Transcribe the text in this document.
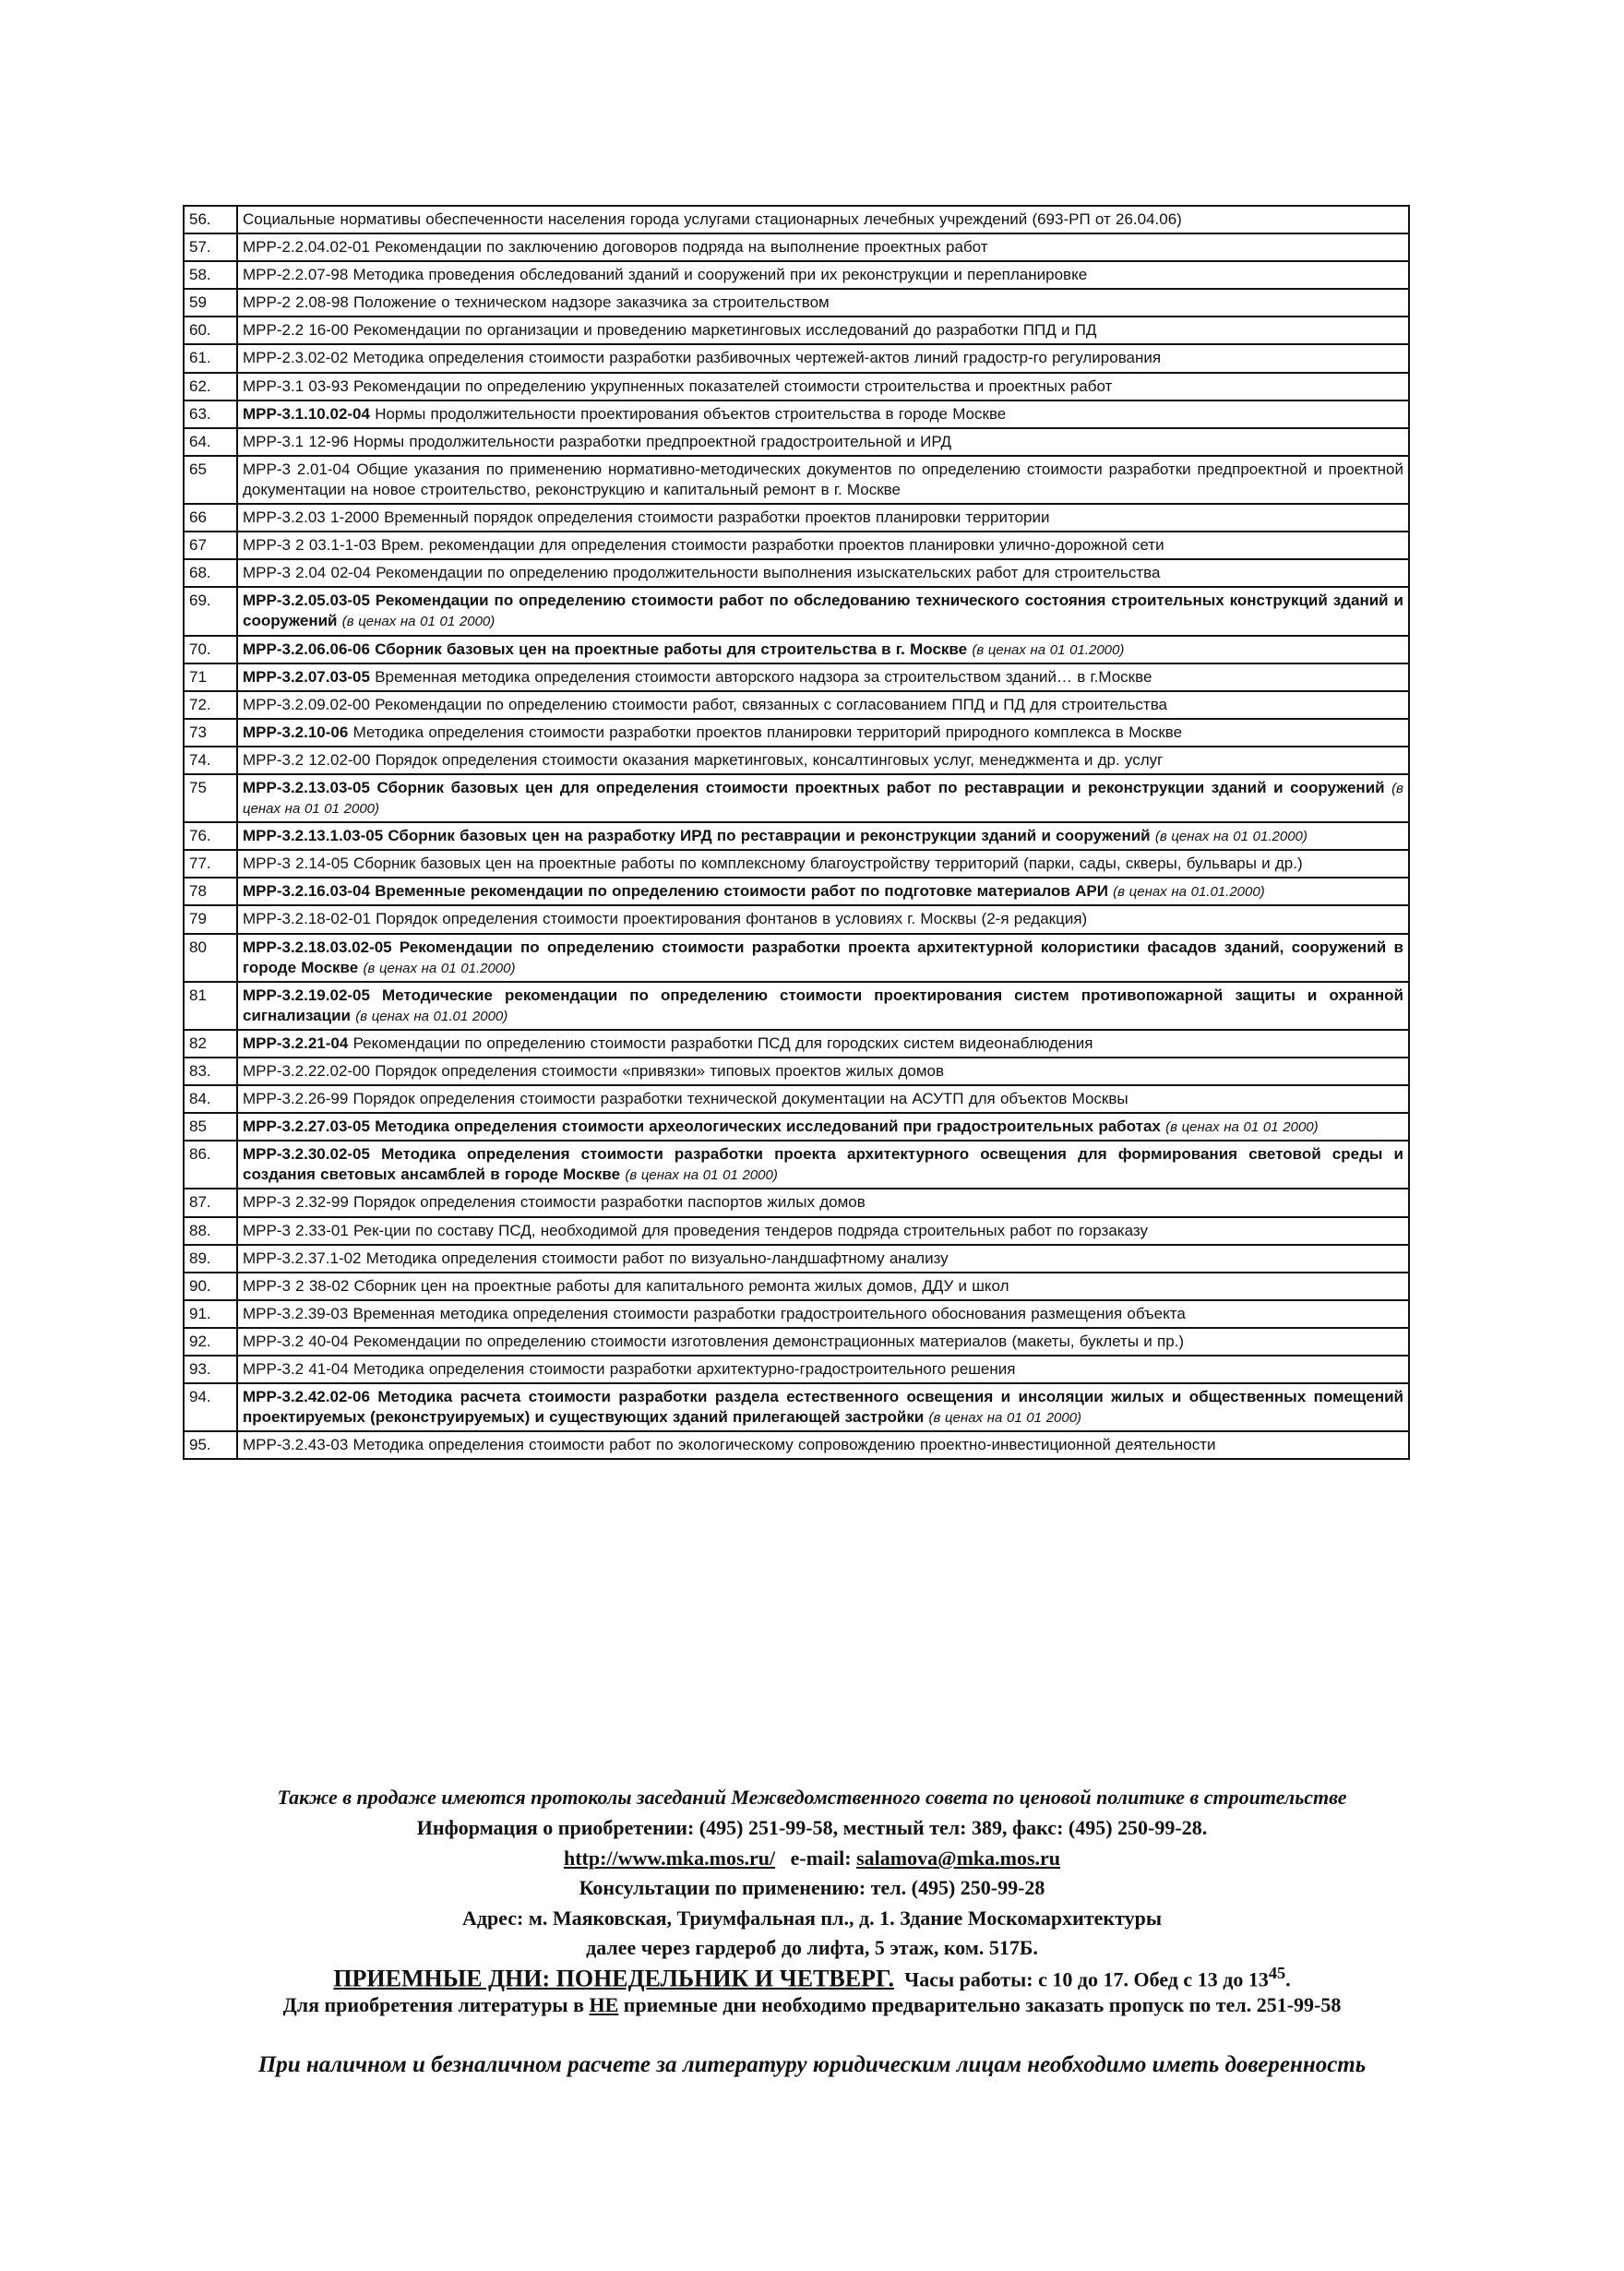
56.	Социальные нормативы обеспеченности населения города услугами стационарных лечебных учреждений (693-РП от 26.04.06)
57.	МРР-2.2.04.02-01 Рекомендации по заключению договоров подряда на выполнение проектных работ
58.	МРР-2.2.07-98 Методика проведения обследований зданий и сооружений при их реконструкции и перепланировке
59	МРР-2 2.08-98 Положение о техническом надзоре заказчика за строительством
60.	МРР-2.2 16-00 Рекомендации по организации и проведению маркетинговых исследований до разработки ППД и ПД
61.	МРР-2.3.02-02 Методика определения стоимости разработки разбивочных чертежей-актов линий градостр-го регулирования
62.	МРР-3.1 03-93 Рекомендации по определению укрупненных показателей стоимости строительства и проектных работ
63.	МРР-3.1.10.02-04 Нормы продолжительности проектирования объектов строительства в городе Москве
64.	МРР-3.1 12-96 Нормы продолжительности разработки предпроектной градостроительной и ИРД
65	МРР-3 2.01-04 Общие указания по применению нормативно-методических документов по определению стоимости разработки предпроектной и проектной документации на новое строительство, реконструкцию и капитальный ремонт в г. Москве
66	МРР-3.2.03 1-2000 Временный порядок определения стоимости разработки проектов планировки территории
67	МРР-3 2 03.1-1-03 Врем. рекомендации для определения стоимости разработки проектов планировки улично-дорожной сети
68.	МРР-3 2.04 02-04 Рекомендации по определению продолжительности выполнения изыскательских работ для строительства
69.	МРР-3.2.05.03-05 Рекомендации по определению стоимости работ по обследованию технического состояния строительных конструкций зданий и сооружений (в ценах на 01 01 2000)
70.	МРР-3.2.06.06-06 Сборник базовых цен на проектные работы для строительства в г. Москве (в ценах на 01 01.2000)
71	МРР-3.2.07.03-05 Временная методика определения стоимости авторского надзора за строительством зданий… в г.Москве
72.	МРР-3.2.09.02-00 Рекомендации по определению стоимости работ, связанных с согласованием ППД и ПД для строительства
73	МРР-3.2.10-06 Методика определения стоимости разработки проектов планировки территорий природного комплекса в Москве
74.	МРР-3.2 12.02-00 Порядок определения стоимости оказания маркетинговых, консалтинговых услуг, менеджмента и др. услуг
75	МРР-3.2.13.03-05 Сборник базовых цен для определения стоимости проектных работ по реставрации и реконструкции зданий и сооружений (в ценах на 01 01 2000)
76.	МРР-3.2.13.1.03-05 Сборник базовых цен на разработку ИРД по реставрации и реконструкции зданий и сооружений (в ценах на 01 01.2000)
77.	МРР-3 2.14-05 Сборник базовых цен на проектные работы по комплексному благоустройству территорий (парки, сады, скверы, бульвары и др.)
78	МРР-3.2.16.03-04 Временные рекомендации по определению стоимости работ по подготовке материалов АРИ (в ценах на 01.01.2000)
79	МРР-3.2.18-02-01 Порядок определения стоимости проектирования фонтанов в условиях г. Москвы (2-я редакция)
80	МРР-3.2.18.03.02-05 Рекомендации по определению стоимости разработки проекта архитектурной колористики фасадов зданий, сооружений в городе Москве (в ценах на 01 01.2000)
81	МРР-3.2.19.02-05 Методические рекомендации по определению стоимости проектирования систем противопожарной защиты и охранной сигнализации (в ценах на 01.01 2000)
82	МРР-3.2.21-04 Рекомендации по определению стоимости разработки ПСД для городских систем видеонаблюдения
83.	МРР-3.2.22.02-00 Порядок определения стоимости «привязки» типовых проектов жилых домов
84.	МРР-3.2.26-99 Порядок определения стоимости разработки технической документации на АСУТП для объектов Москвы
85	МРР-3.2.27.03-05 Методика определения стоимости археологических исследований при градостроительных работах (в ценах на 01 01 2000)
86.	МРР-3.2.30.02-05 Методика определения стоимости разработки проекта архитектурного освещения для формирования световой среды и создания световых ансамблей в городе Москве (в ценах на 01 01 2000)
87.	МРР-3 2.32-99 Порядок определения стоимости разработки паспортов жилых домов
88.	МРР-3 2.33-01 Рек-ции по составу ПСД, необходимой для проведения тендеров подряда строительных работ по горзаказу
89.	МРР-3.2.37.1-02 Методика определения стоимости работ по визуально-ландшафтному анализу
90.	МРР-3 2 38-02 Сборник цен на проектные работы для капитального ремонта жилых домов, ДДУ и школ
91.	МРР-3.2.39-03 Временная методика определения стоимости разработки градостроительного обоснования размещения объекта
92.	МРР-3.2 40-04 Рекомендации по определению стоимости изготовления демонстрационных материалов (макеты, буклеты и пр.)
93.	МРР-3.2 41-04 Методика определения стоимости разработки архитектурно-градостроительного решения
94.	МРР-3.2.42.02-06 Методика расчета стоимости разработки раздела естественного освещения и инсоляции жилых и общественных помещений проектируемых (реконструируемых) и существующих зданий прилегающей застройки (в ценах на 01 01 2000)
95.	МРР-3.2.43-03 Методика определения стоимости работ по экологическому сопровождению проектно-инвестиционной деятельности
Также в продаже имеются протоколы заседаний Межведомственного совета по ценовой политике в строительстве
Информация о приобретении: (495) 251-99-58, местный тел: 389, факс: (495) 250-99-28.
http://www.mka.mos.ru/ e-mail: salamova@mka.mos.ru
Консультации по применению: тел. (495) 250-99-28
Адрес: м. Маяковская, Триумфальная пл., д. 1. Здание Москомархитектуры
далее через гардероб до лифта, 5 этаж, ком. 517Б.
ПРИЕМНЫЕ ДНИ: ПОНЕДЕЛЬНИК И ЧЕТВЕРГ. Часы работы: с 10 до 17. Обед с 13 до $13^{45}$.
Для приобретения литературы в НЕ приемные дни необходимо предварительно заказать пропуск по тел. 251-99-58
При наличном и безналичном расчете за литературу юридическим лицам необходимо иметь доверенность
